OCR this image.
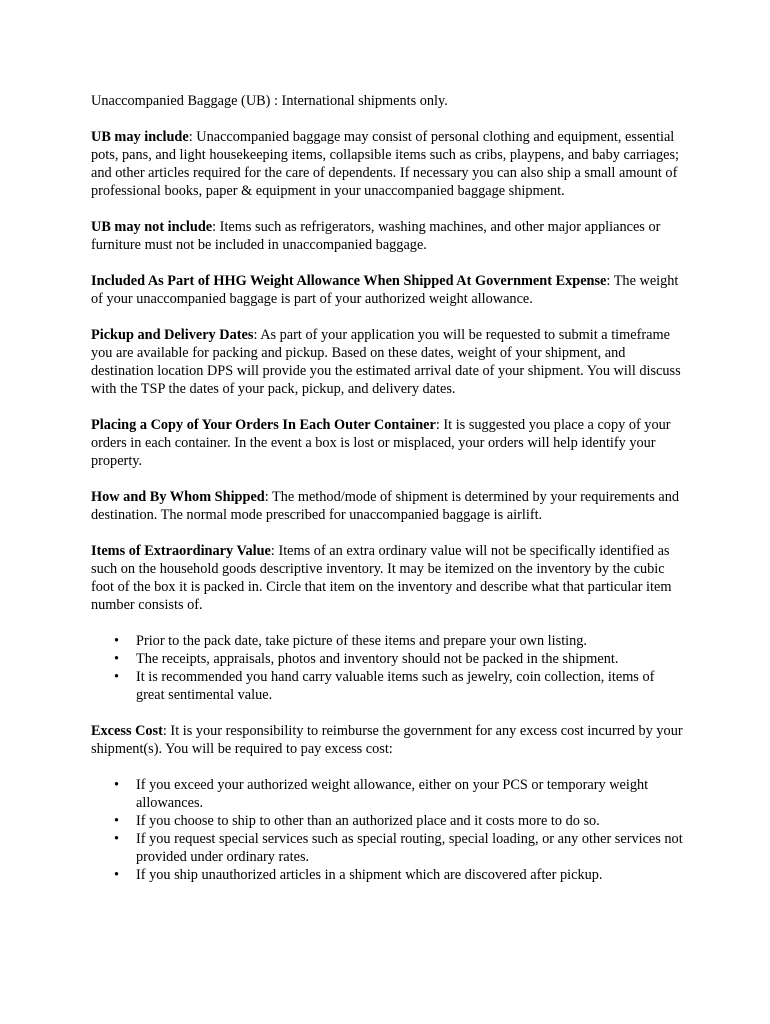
Unaccompanied Baggage (UB) : International shipments only.

UB may include: Unaccompanied baggage may consist of personal clothing and equipment, essential pots, pans, and light housekeeping items, collapsible items such as cribs, playpens, and baby carriages; and other articles required for the care of dependents. If necessary you can also ship a small amount of professional books, paper & equipment in your unaccompanied baggage shipment.

UB may not include: Items such as refrigerators, washing machines, and other major appliances or furniture must not be included in unaccompanied baggage.

Included As Part of HHG Weight Allowance When Shipped At Government Expense: The weight of your unaccompanied baggage is part of your authorized weight allowance.

Pickup and Delivery Dates: As part of your application you will be requested to submit a timeframe you are available for packing and pickup. Based on these dates, weight of your shipment, and destination location DPS will provide you the estimated arrival date of your shipment. You will discuss with the TSP the dates of your pack, pickup, and delivery dates.

Placing a Copy of Your Orders In Each Outer Container: It is suggested you place a copy of your orders in each container. In the event a box is lost or misplaced, your orders will help identify your property.

How and By Whom Shipped: The method/mode of shipment is determined by your requirements and destination. The normal mode prescribed for unaccompanied baggage is airlift.

Items of Extraordinary Value: Items of an extra ordinary value will not be specifically identified as such on the household goods descriptive inventory. It may be itemized on the inventory by the cubic foot of the box it is packed in. Circle that item on the inventory and describe what that particular item number consists of.

• Prior to the pack date, take picture of these items and prepare your own listing.
• The receipts, appraisals, photos and inventory should not be packed in the shipment.
• It is recommended you hand carry valuable items such as jewelry, coin collection, items of great sentimental value.

Excess Cost: It is your responsibility to reimburse the government for any excess cost incurred by your shipment(s). You will be required to pay excess cost:

• If you exceed your authorized weight allowance, either on your PCS or temporary weight allowances.
• If you choose to ship to other than an authorized place and it costs more to do so.
• If you request special services such as special routing, special loading, or any other services not provided under ordinary rates.
• If you ship unauthorized articles in a shipment which are discovered after pickup.
